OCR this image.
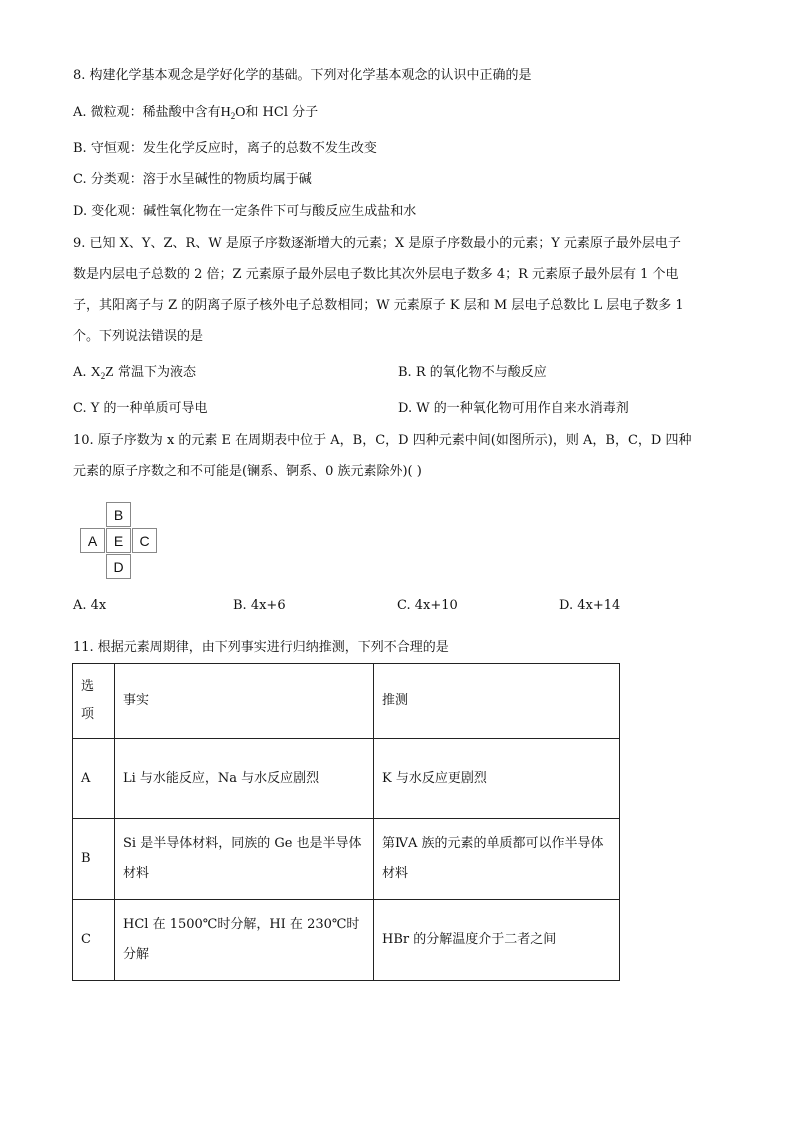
8. 构建化学基本观念是学好化学的基础。下列对化学基本观念的认识中正确的是
A. 微粒观：稀盐酸中含有$H_2O$和 HCl 分子
B. 守恒观：发生化学反应时，离子的总数不发生改变
C. 分类观：溶于水呈碱性的物质均属于碱
D. 变化观：碱性氧化物在一定条件下可与酸反应生成盐和水
9. 已知 X、Y、Z、R、W 是原子序数逐渐增大的元素；X 是原子序数最小的元素；Y 元素原子最外层电子
数是内层电子总数的 2 倍；Z 元素原子最外层电子数比其次外层电子数多 4；R 元素原子最外层有 1 个电
子，其阳离子与 Z 的阴离子原子核外电子总数相同；W 元素原子 K 层和 M 层电子总数比 L 层电子数多 1
个。下列说法错误的是
A. $X_2Z$ 常温下为液态	B. R 的氧化物不与酸反应
C. Y 的一种单质可导电	D. W 的一种氧化物可用作自来水消毒剂
10. 原子序数为 x 的元素 E 在周期表中位于 A，B，C，D 四种元素中间(如图所示)，则 A，B，C，D 四种
元素的原子序数之和不可能是(镧系、锕系、0 族元素除外)( )
B
A	E	C
D
A. 4x	B. 4x+6	C. 4x+10	D. 4x+14
11. 根据元素周期律，由下列事实进行归纳推测，下列不合理的是
选项	事实	推测
A	Li 与水能反应，Na 与水反应剧烈	K 与水反应更剧烈
B	Si 是半导体材料，同族的 Ge 也是半导体材料	第ⅣA 族的元素的单质都可以作半导体材料
C	HCl 在 1500℃时分解，HI 在 230℃时分解	HBr 的分解温度介于二者之间
